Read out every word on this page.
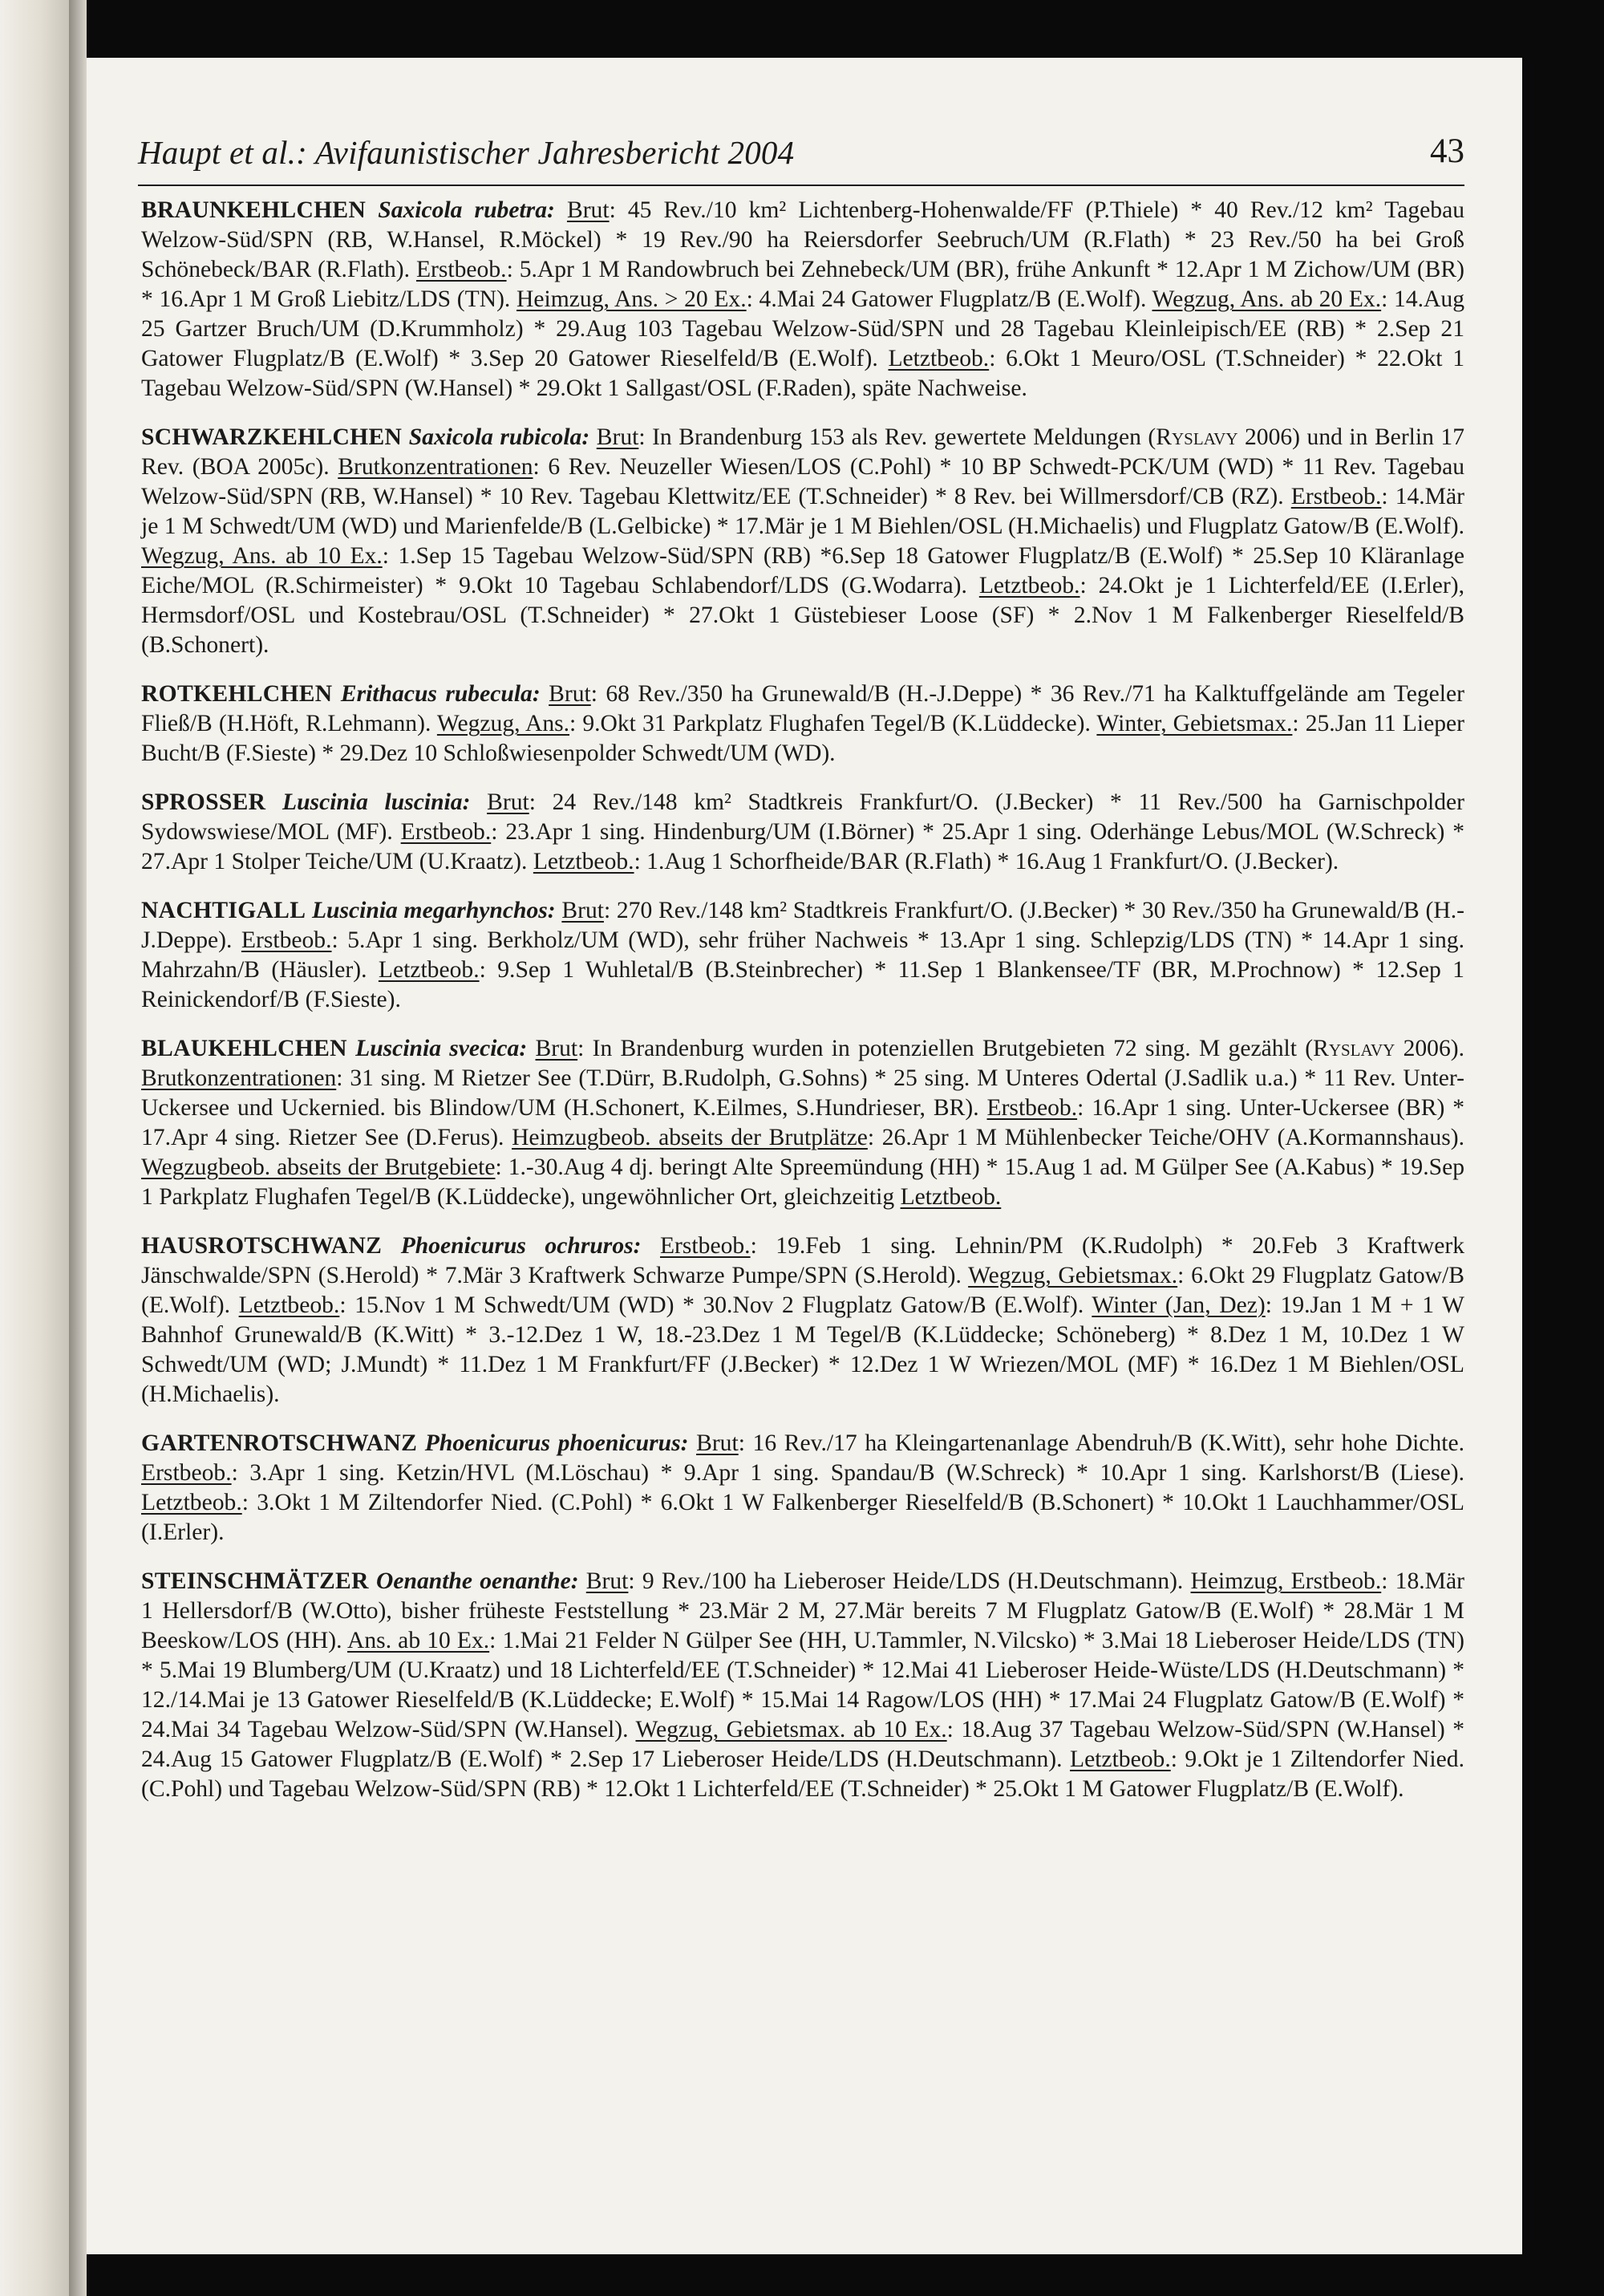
Haupt et al.: Avifaunistischer Jahresbericht 2004	43

BRAUNKEHLCHEN Saxicola rubetra: Brut: 45 Rev./10 km² Lichtenberg-Hohenwalde/FF (P.Thiele) * 40 Rev./12 km² Tagebau Welzow-Süd/SPN (RB, W.Hansel, R.Möckel) * 19 Rev./90 ha Reiersdorfer Seebruch/UM (R.Flath) * 23 Rev./50 ha bei Groß Schönebeck/BAR (R.Flath). Erstbeob.: 5.Apr 1 M Randowbruch bei Zehnebeck/UM (BR), frühe Ankunft * 12.Apr 1 M Zichow/UM (BR) * 16.Apr 1 M Groß Liebitz/LDS (TN). Heimzug, Ans. > 20 Ex.: 4.Mai 24 Gatower Flugplatz/B (E.Wolf). Wegzug, Ans. ab 20 Ex.: 14.Aug 25 Gartzer Bruch/UM (D.Krummholz) * 29.Aug 103 Tagebau Welzow-Süd/SPN und 28 Tagebau Kleinleipisch/EE (RB) * 2.Sep 21 Gatower Flugplatz/B (E.Wolf) * 3.Sep 20 Gatower Rieselfeld/B (E.Wolf). Letztbeob.: 6.Okt 1 Meuro/OSL (T.Schneider) * 22.Okt 1 Tagebau Welzow-Süd/SPN (W.Hansel) * 29.Okt 1 Sallgast/OSL (F.Raden), späte Nachweise.

SCHWARZKEHLCHEN Saxicola rubicola: Brut: In Brandenburg 153 als Rev. gewertete Meldungen (Ryslavy 2006) und in Berlin 17 Rev. (BOA 2005c). Brutkonzentrationen: 6 Rev. Neuzeller Wiesen/LOS (C.Pohl) * 10 BP Schwedt-PCK/UM (WD) * 11 Rev. Tagebau Welzow-Süd/SPN (RB, W.Hansel) * 10 Rev. Tagebau Klettwitz/EE (T.Schneider) * 8 Rev. bei Willmersdorf/CB (RZ). Erstbeob.: 14.Mär je 1 M Schwedt/UM (WD) und Marienfelde/B (L.Gelbicke) * 17.Mär je 1 M Biehlen/OSL (H.Michaelis) und Flugplatz Gatow/B (E.Wolf). Wegzug, Ans. ab 10 Ex.: 1.Sep 15 Tagebau Welzow-Süd/SPN (RB) *6.Sep 18 Gatower Flugplatz/B (E.Wolf) * 25.Sep 10 Kläranlage Eiche/MOL (R.Schirmeister) * 9.Okt 10 Tagebau Schlabendorf/LDS (G.Wodarra). Letztbeob.: 24.Okt je 1 Lichterfeld/EE (I.Erler), Hermsdorf/OSL und Kostebrau/OSL (T.Schneider) * 27.Okt 1 Güstebieser Loose (SF) * 2.Nov 1 M Falkenberger Rieselfeld/B (B.Schonert).

ROTKEHLCHEN Erithacus rubecula: Brut: 68 Rev./350 ha Grunewald/B (H.-J.Deppe) * 36 Rev./71 ha Kalktuffgelände am Tegeler Fließ/B (H.Höft, R.Lehmann). Wegzug, Ans.: 9.Okt 31 Parkplatz Flughafen Tegel/B (K.Lüddecke). Winter, Gebietsmax.: 25.Jan 11 Lieper Bucht/B (F.Sieste) * 29.Dez 10 Schloßwiesenpolder Schwedt/UM (WD).

SPROSSER Luscinia luscinia: Brut: 24 Rev./148 km² Stadtkreis Frankfurt/O. (J.Becker) * 11 Rev./500 ha Garnischpolder Sydowswiese/MOL (MF). Erstbeob.: 23.Apr 1 sing. Hindenburg/UM (I.Börner) * 25.Apr 1 sing. Oderhänge Lebus/MOL (W.Schreck) * 27.Apr 1 Stolper Teiche/UM (U.Kraatz). Letztbeob.: 1.Aug 1 Schorfheide/BAR (R.Flath) * 16.Aug 1 Frankfurt/O. (J.Becker).

NACHTIGALL Luscinia megarhynchos: Brut: 270 Rev./148 km² Stadtkreis Frankfurt/O. (J.Becker) * 30 Rev./350 ha Grunewald/B (H.-J.Deppe). Erstbeob.: 5.Apr 1 sing. Berkholz/UM (WD), sehr früher Nachweis * 13.Apr 1 sing. Schlepzig/LDS (TN) * 14.Apr 1 sing. Mahrzahn/B (Häusler). Letztbeob.: 9.Sep 1 Wuhletal/B (B.Steinbrecher) * 11.Sep 1 Blankensee/TF (BR, M.Prochnow) * 12.Sep 1 Reinickendorf/B (F.Sieste).

BLAUKEHLCHEN Luscinia svecica: Brut: In Brandenburg wurden in potenziellen Brutgebieten 72 sing. M gezählt (Ryslavy 2006). Brutkonzentrationen: 31 sing. M Rietzer See (T.Dürr, B.Rudolph, G.Sohns) * 25 sing. M Unteres Odertal (J.Sadlik u.a.) * 11 Rev. Unter-Uckersee und Uckernied. bis Blindow/UM (H.Schonert, K.Eilmes, S.Hundrieser, BR). Erstbeob.: 16.Apr 1 sing. Unter-Uckersee (BR) * 17.Apr 4 sing. Rietzer See (D.Ferus). Heimzugbeob. abseits der Brutplätze: 26.Apr 1 M Mühlenbecker Teiche/OHV (A.Kormannshaus). Wegzugbeob. abseits der Brutgebiete: 1.-30.Aug 4 dj. beringt Alte Spreemündung (HH) * 15.Aug 1 ad. M Gülper See (A.Kabus) * 19.Sep 1 Parkplatz Flughafen Tegel/B (K.Lüddecke), ungewöhnlicher Ort, gleichzeitig Letztbeob.

HAUSROTSCHWANZ Phoenicurus ochruros: Erstbeob.: 19.Feb 1 sing. Lehnin/PM (K.Rudolph) * 20.Feb 3 Kraftwerk Jänschwalde/SPN (S.Herold) * 7.Mär 3 Kraftwerk Schwarze Pumpe/SPN (S.Herold). Wegzug, Gebietsmax.: 6.Okt 29 Flugplatz Gatow/B (E.Wolf). Letztbeob.: 15.Nov 1 M Schwedt/UM (WD) * 30.Nov 2 Flugplatz Gatow/B (E.Wolf). Winter (Jan, Dez): 19.Jan 1 M + 1 W Bahnhof Grunewald/B (K.Witt) * 3.-12.Dez 1 W, 18.-23.Dez 1 M Tegel/B (K.Lüddecke; Schöneberg) * 8.Dez 1 M, 10.Dez 1 W Schwedt/UM (WD; J.Mundt) * 11.Dez 1 M Frankfurt/FF (J.Becker) * 12.Dez 1 W Wriezen/MOL (MF) * 16.Dez 1 M Biehlen/OSL (H.Michaelis).

GARTENROTSCHWANZ Phoenicurus phoenicurus: Brut: 16 Rev./17 ha Kleingartenanlage Abendruh/B (K.Witt), sehr hohe Dichte. Erstbeob.: 3.Apr 1 sing. Ketzin/HVL (M.Löschau) * 9.Apr 1 sing. Spandau/B (W.Schreck) * 10.Apr 1 sing. Karlshorst/B (Liese). Letztbeob.: 3.Okt 1 M Ziltendorfer Nied. (C.Pohl) * 6.Okt 1 W Falkenberger Rieselfeld/B (B.Schonert) * 10.Okt 1 Lauchhammer/OSL (I.Erler).

STEINSCHMÄTZER Oenanthe oenanthe: Brut: 9 Rev./100 ha Lieberoser Heide/LDS (H.Deutschmann). Heimzug, Erstbeob.: 18.Mär 1 Hellersdorf/B (W.Otto), bisher früheste Feststellung * 23.Mär 2 M, 27.Mär bereits 7 M Flugplatz Gatow/B (E.Wolf) * 28.Mär 1 M Beeskow/LOS (HH). Ans. ab 10 Ex.: 1.Mai 21 Felder N Gülper See (HH, U.Tammler, N.Vilcsko) * 3.Mai 18 Lieberoser Heide/LDS (TN) * 5.Mai 19 Blumberg/UM (U.Kraatz) und 18 Lichterfeld/EE (T.Schneider) * 12.Mai 41 Lieberoser Heide-Wüste/LDS (H.Deutschmann) * 12./14.Mai je 13 Gatower Rieselfeld/B (K.Lüddecke; E.Wolf) * 15.Mai 14 Ragow/LOS (HH) * 17.Mai 24 Flugplatz Gatow/B (E.Wolf) * 24.Mai 34 Tagebau Welzow-Süd/SPN (W.Hansel). Wegzug, Gebietsmax. ab 10 Ex.: 18.Aug 37 Tagebau Welzow-Süd/SPN (W.Hansel) * 24.Aug 15 Gatower Flugplatz/B (E.Wolf) * 2.Sep 17 Lieberoser Heide/LDS (H.Deutschmann). Letztbeob.: 9.Okt je 1 Ziltendorfer Nied. (C.Pohl) und Tagebau Welzow-Süd/SPN (RB) * 12.Okt 1 Lichterfeld/EE (T.Schneider) * 25.Okt 1 M Gatower Flugplatz/B (E.Wolf).
